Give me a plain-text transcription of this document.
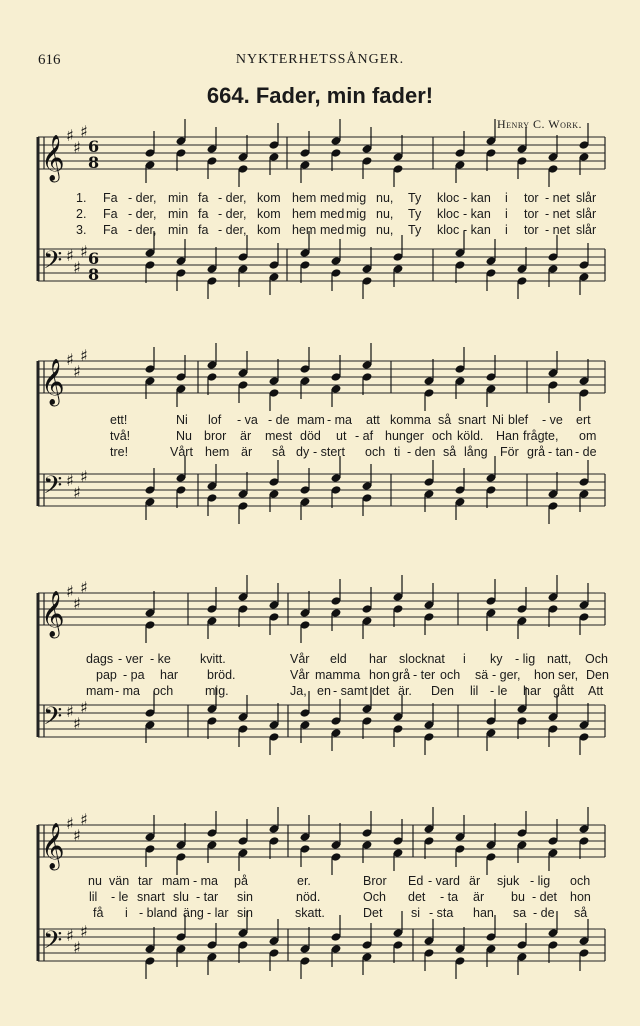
616	NYKTERHETSSÅNGER.
664. Fader, min fader!
Henry C. Work.
𝄞
𝄢
♯
♯
♯
♯
♯
♯
6
8
6
8
𝄞
𝄢
♯
♯
♯
♯
♯
♯
𝄞
𝄢
♯
♯
♯
♯
♯
♯
𝄞
𝄢
♯
♯
♯
♯
♯
♯
1. Fa - der, min fa - der, kom hem med mig nu, Ty kloc - kan i tor - net slår
2. Fa - der, min fa - der, kom hem med mig nu, Ty kloc - kan i tor - net slår
3. Fa - der, min fa - der, kom hem med mig nu, Ty kloc - kan i tor - net slår
ett!	Ni lof - va - de mam - ma att komma så snart Ni blef - ve ert
två!	Nu bror är mest död ut - af hunger och köld. Han frågte, om
tre!	Vårt hem är så dy - stert och ti - den så lång För grå - tan - de
dags - ver - ke kvitt.	Vår eld har slocknat i ky - lig natt, Och
pap - pa har bröd.	Vår mamma hon grå - ter och sä - ger, hon ser, Den
mam - ma och	mig.	Ja, en - samt det är. Den lil - le har gått Att
nu vän tar mam - ma på	er.	Bror Ed - vard är sjuk - lig och
lil - le snart slu - tar sin	nöd.	Och det - ta är bu - det hon
få i - bland äng - lar sin	skatt.	Det si - sta han sa - de så
